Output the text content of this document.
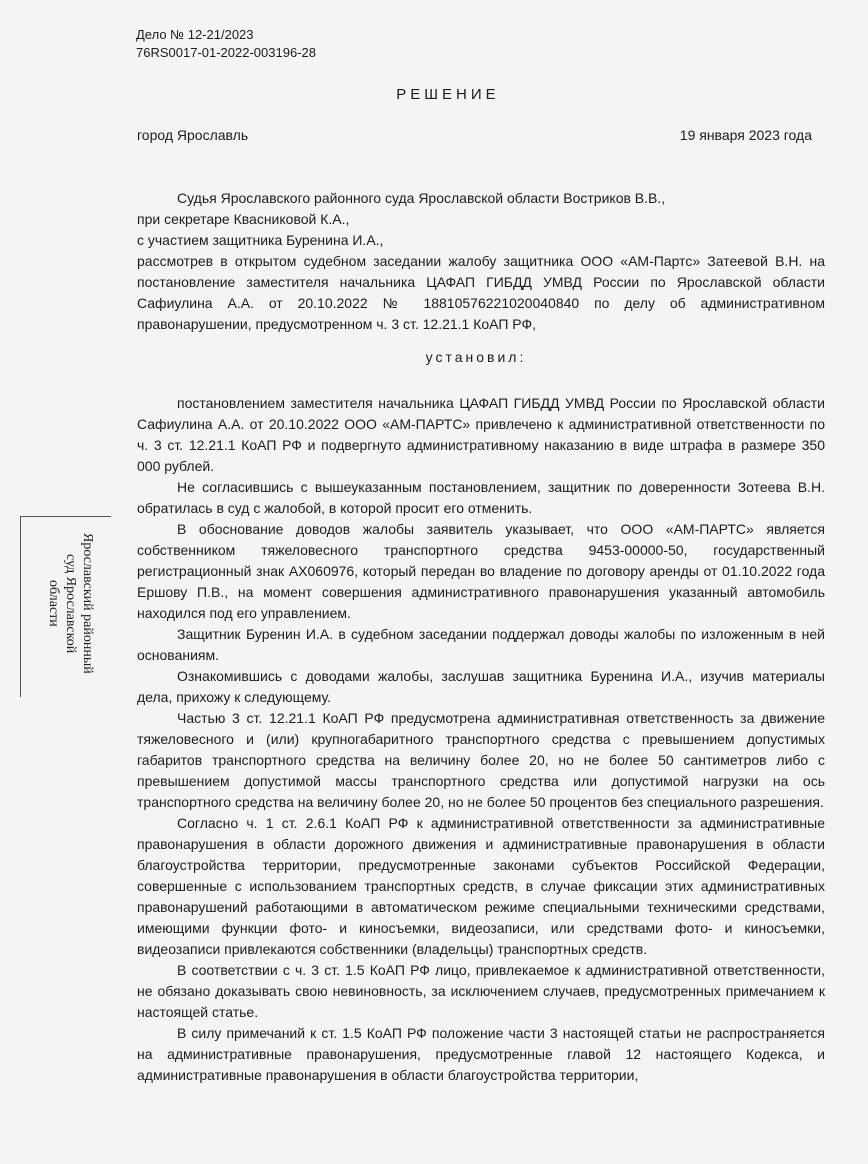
Дело № 12-21/2023
76RS0017-01-2022-003196-28
РЕШЕНИЕ
город Ярославль	19 января 2023 года

Судья Ярославского районного суда Ярославской области Востриков В.В.,

при секретаре Квасниковой К.А.,

с участием защитника Буренина И.А.,

рассмотрев в открытом судебном заседании жалобу защитника ООО «АМ-Партс» Затеевой В.Н. на постановление заместителя начальника ЦАФАП ГИБДД УМВД России по Ярославской области Сафиулина А.А. от 20.10.2022 № 18810576221020040840 по делу об административном правонарушении, предусмотренном ч. 3 ст. 12.21.1 КоАП РФ,

установил:

постановлением заместителя начальника ЦАФАП ГИБДД УМВД России по Ярославской области Сафиулина А.А. от 20.10.2022 ООО «АМ-ПАРТС» привлечено к административной ответственности по ч. 3 ст. 12.21.1 КоАП РФ и подвергнуто административному наказанию в виде штрафа в размере 350 000 рублей.

Не согласившись с вышеуказанным постановлением, защитник по доверенности Зотеева В.Н. обратилась в суд с жалобой, в которой просит его отменить.

В обоснование доводов жалобы заявитель указывает, что ООО «АМ-ПАРТС» является собственником тяжеловесного транспортного средства 9453-00000-50, государственный регистрационный знак АХ060976, который передан во владение по договору аренды от 01.10.2022 года Ершову П.В., на момент совершения административного правонарушения указанный автомобиль находился под его управлением.

Защитник Буренин И.А. в судебном заседании поддержал доводы жалобы по изложенным в ней основаниям.

Ознакомившись с доводами жалобы, заслушав защитника Буренина И.А., изучив материалы дела, прихожу к следующему.

Частью 3 ст. 12.21.1 КоАП РФ предусмотрена административная ответственность за движение тяжеловесного и (или) крупногабаритного транспортного средства с превышением допустимых габаритов транспортного средства на величину более 20, но не более 50 сантиметров либо с превышением допустимой массы транспортного средства или допустимой нагрузки на ось транспортного средства на величину более 20, но не более 50 процентов без специального разрешения.

Согласно ч. 1 ст. 2.6.1 КоАП РФ к административной ответственности за административные правонарушения в области дорожного движения и административные правонарушения в области благоустройства территории, предусмотренные законами субъектов Российской Федерации, совершенные с использованием транспортных средств, в случае фиксации этих административных правонарушений работающими в автоматическом режиме специальными техническими средствами, имеющими функции фото- и киносъемки, видеозаписи, или средствами фото- и киносъемки, видеозаписи привлекаются собственники (владельцы) транспортных средств.

В соответствии с ч. 3 ст. 1.5 КоАП РФ лицо, привлекаемое к административной ответственности, не обязано доказывать свою невиновность, за исключением случаев, предусмотренных примечанием к настоящей статье.

В силу примечаний к ст. 1.5 КоАП РФ положение части 3 настоящей статьи не распространяется на административные правонарушения, предусмотренные главой 12 настоящего Кодекса, и административные правонарушения в области благоустройства территории,

Ярославский районный
суд Ярославской
области
